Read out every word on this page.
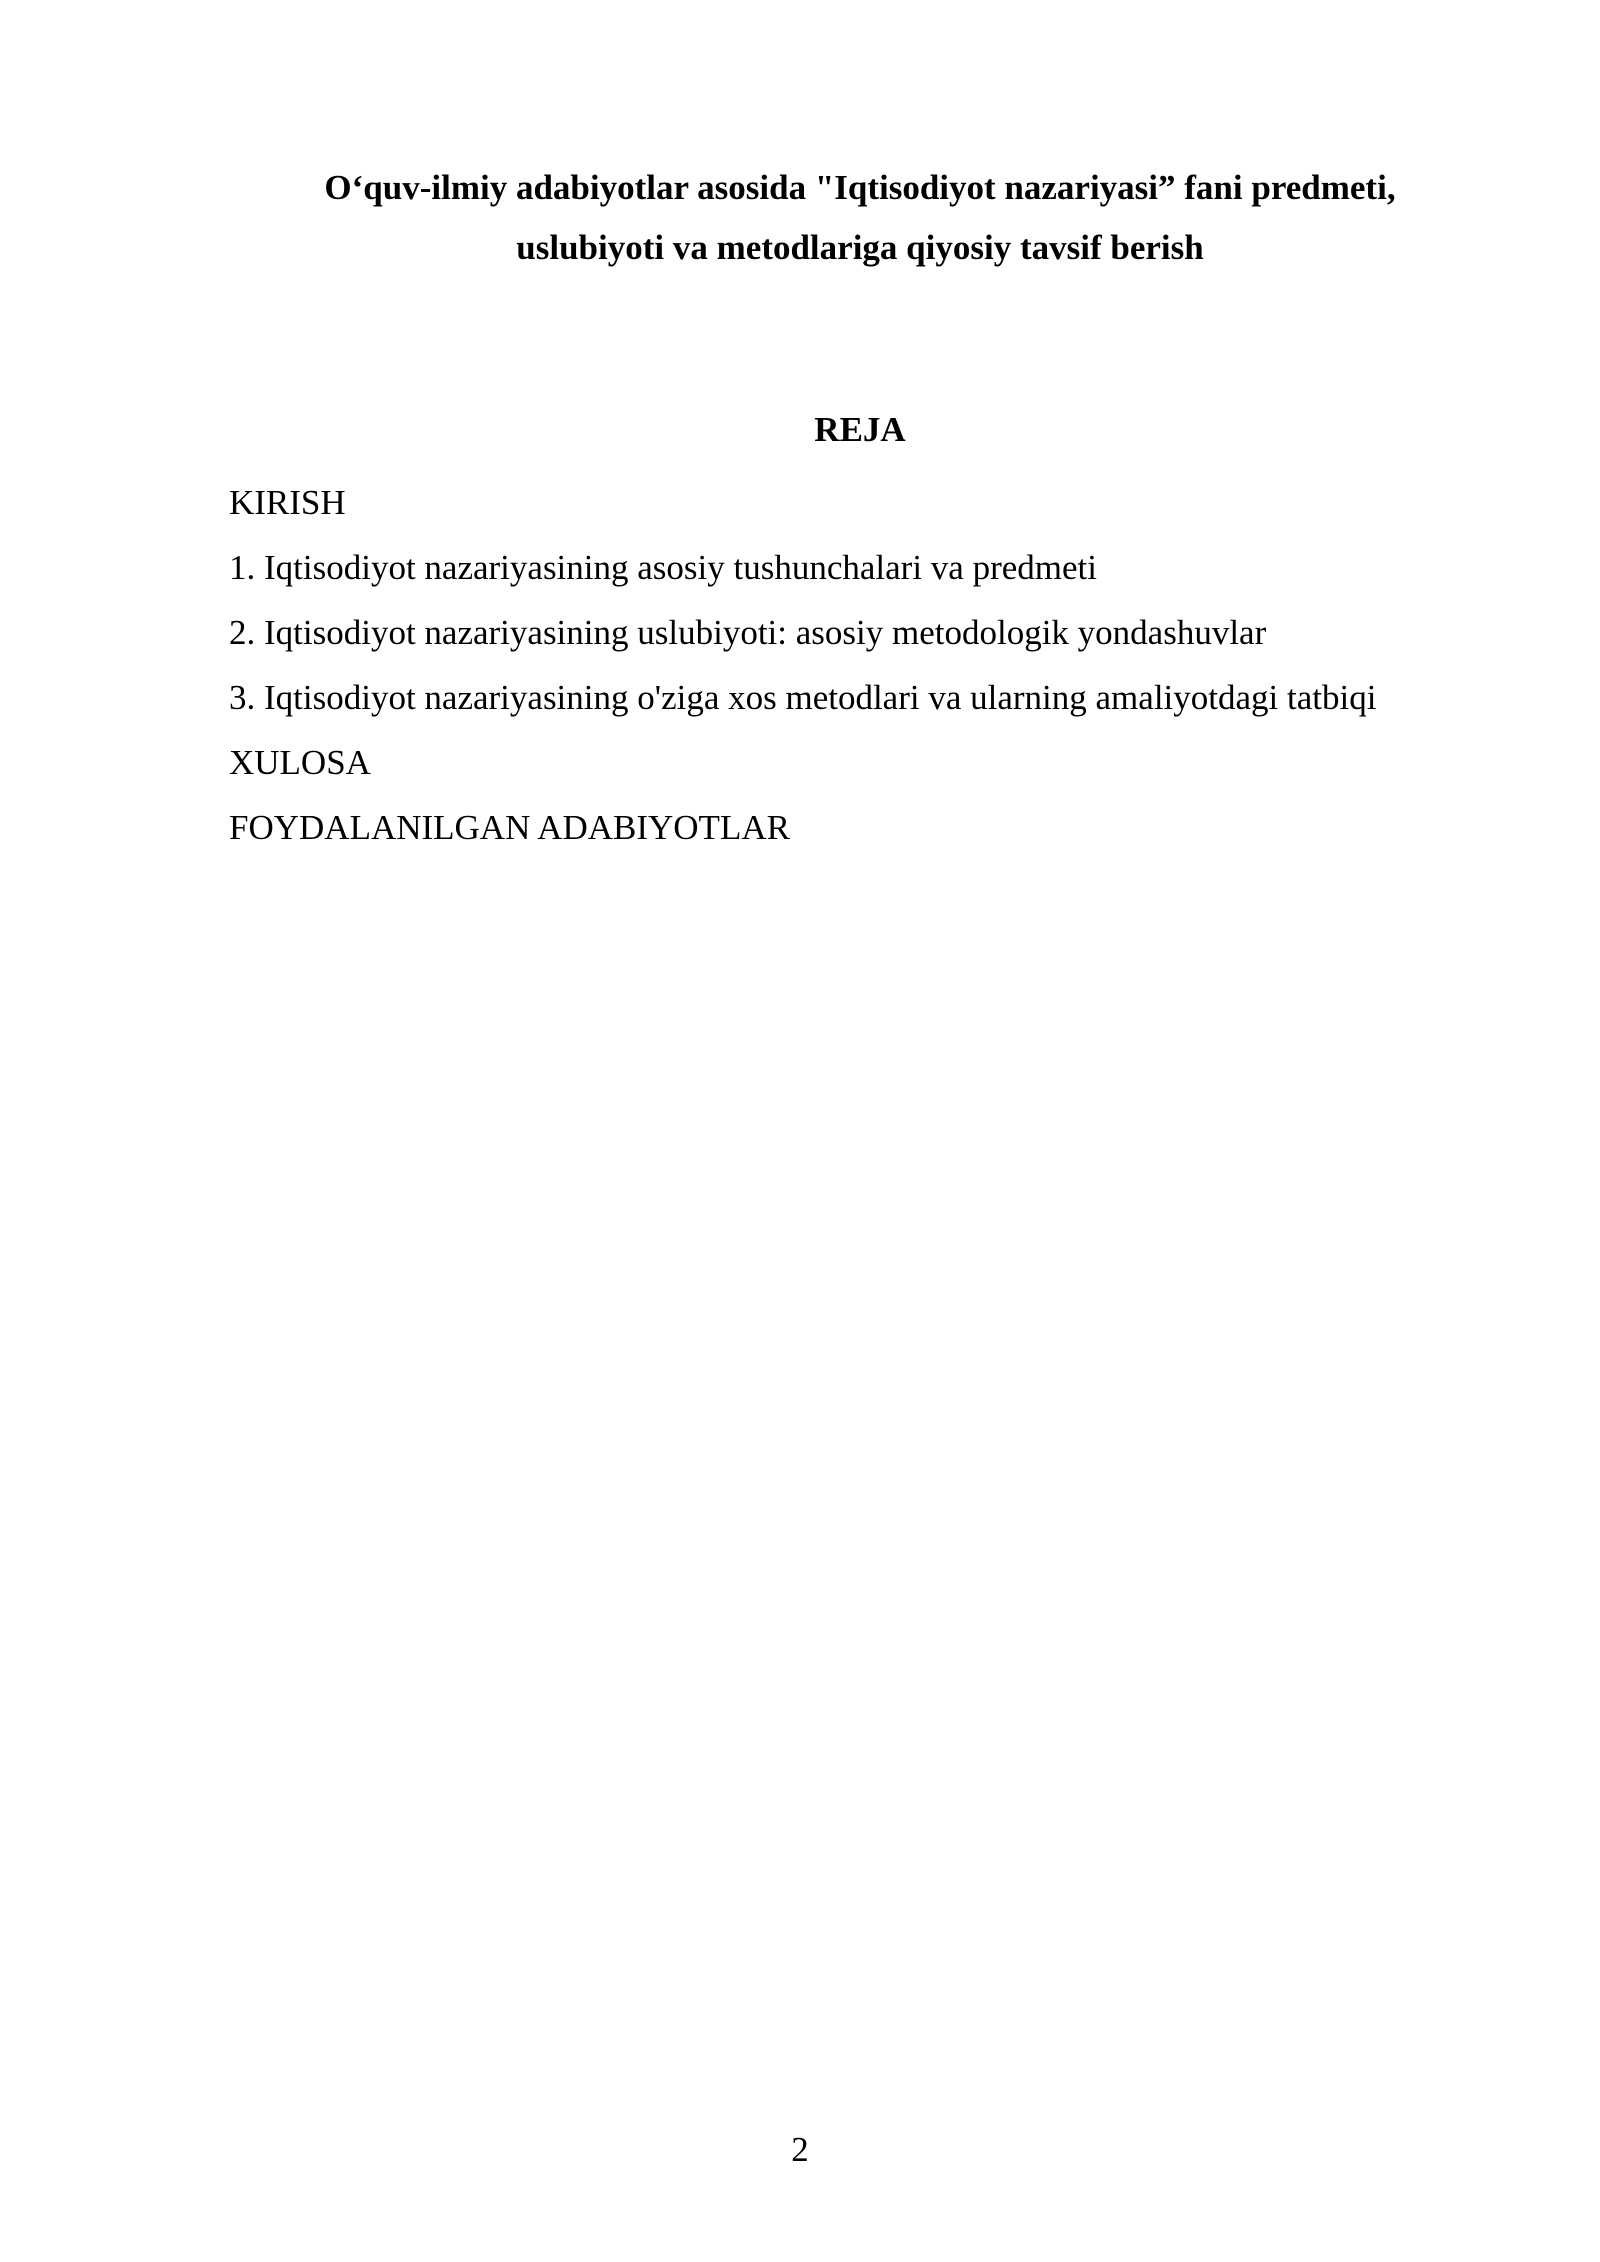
O‘quv-ilmiy adabiyotlar asosida "Iqtisodiyot nazariyasi” fani predmeti,
uslubiyoti va metodlariga qiyosiy tavsif berish
REJA
KIRISH
1. Iqtisodiyot nazariyasining asosiy tushunchalari va predmeti
2. Iqtisodiyot nazariyasining uslubiyoti: asosiy metodologik yondashuvlar
3. Iqtisodiyot nazariyasining o'ziga xos metodlari va ularning amaliyotdagi tatbiqi
XULOSA
FOYDALANILGAN ADABIYOTLAR
2
